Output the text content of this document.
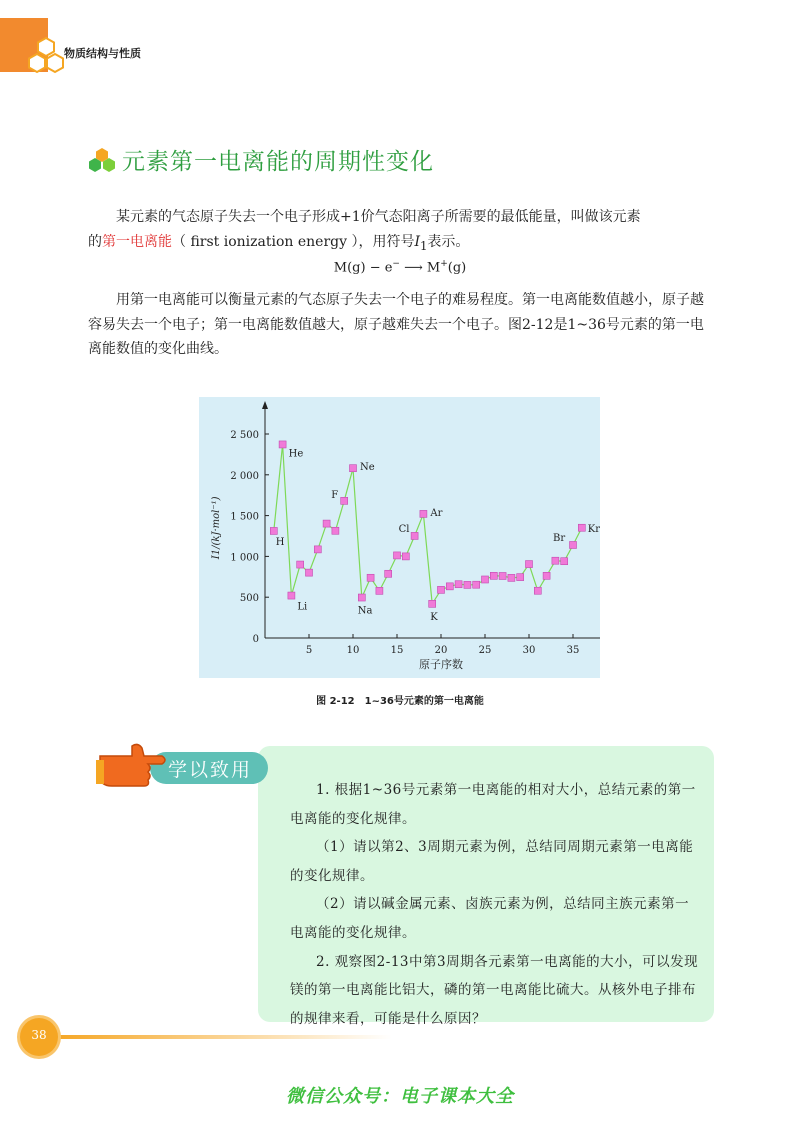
物质结构与性质
元素第一电离能的周期性变化

某元素的气态原子失去一个电子形成+1价气态阳离子所需要的最低能量，叫做该元素
的第一电离能（ first ionization energy ），用符号$I_1$表示。

M(g) − e− ⟶ M+(g)

用第一电离能可以衡量元素的气态原子失去一个电子的难易程度。第一电离能数值越小，原子越容易失去一个电子；第一电离能数值越大，原子越难失去一个电子。图2-12是1~36号元素的第一电离能数值的变化曲线。

0
500
1 000
1 500
2 000
2 500
5	10	15	20	25	30	35
原子序数
I1/(kJ·mol⁻¹)	H
He
Li
F
Ne
Na
Cl
Ar
K
Br
Kr
图 2-12　1~36号元素的第一电离能
学以致用

1. 根据1~36号元素第一电离能的相对大小，总结元素的第一电离能的变化规律。
（1）请以第2、3周期元素为例，总结同周期元素第一电离能的变化规律。
（2）请以碱金属元素、卤族元素为例，总结同主族元素第一电离能的变化规律。
2. 观察图2-13中第3周期各元素第一电离能的大小，可以发现镁的第一电离能比铝大，磷的第一电离能比硫大。从核外电子排布的规律来看，可能是什么原因？

38
微信公众号：电子课本大全
